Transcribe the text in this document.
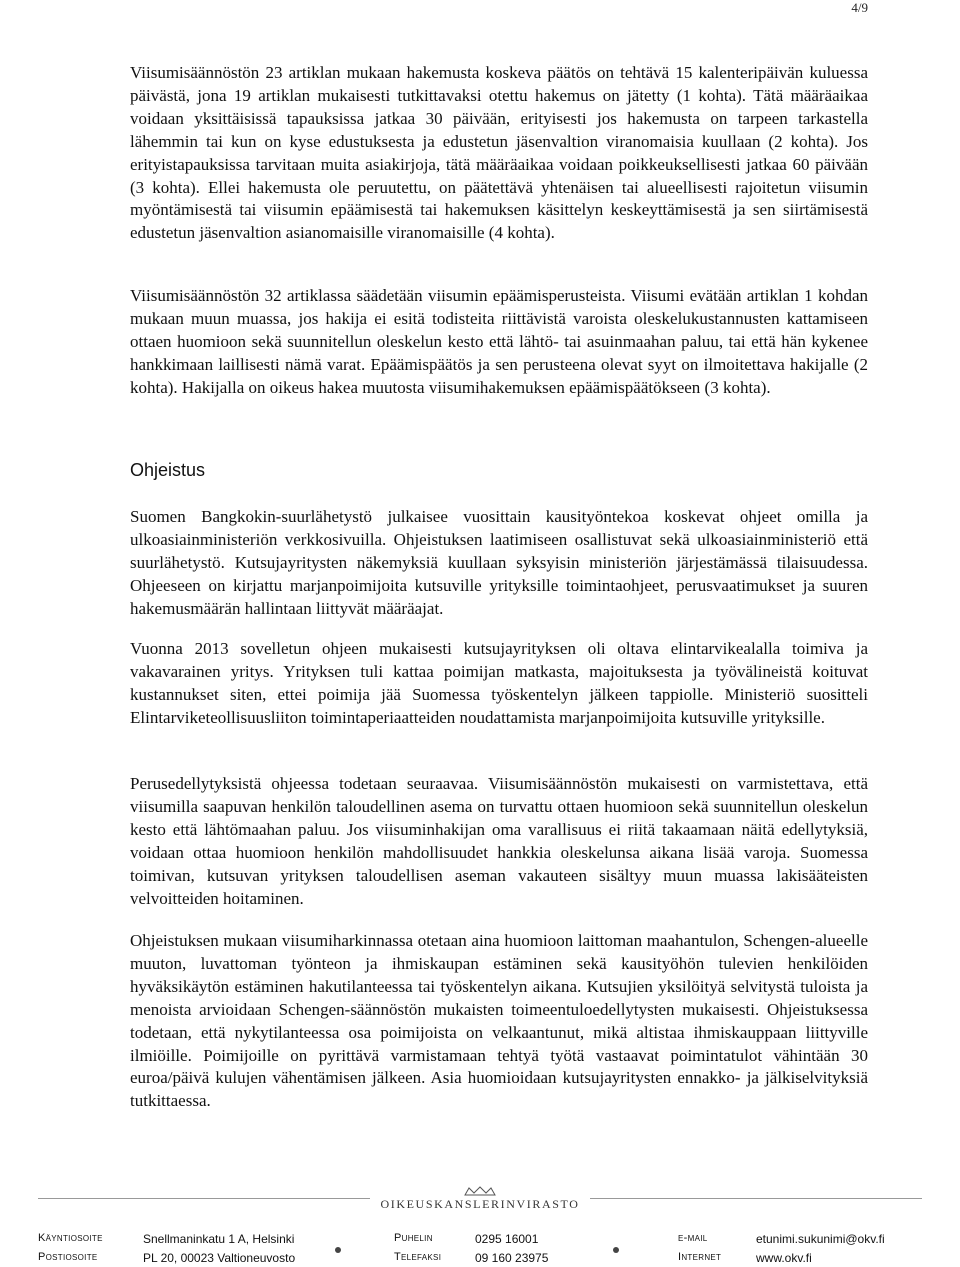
4/9

Viisumisäännöstön 23 artiklan mukaan hakemusta koskeva päätös on tehtävä 15 kalenteripäivän kuluessa päivästä, jona 19 artiklan mukaisesti tutkittavaksi otettu hakemus on jätetty (1 kohta). Tätä määräaikaa voidaan yksittäisissä tapauksissa jatkaa 30 päivään, erityisesti jos hakemusta on tarpeen tarkastella lähemmin tai kun on kyse edustuksesta ja edustetun jäsenvaltion viranomaisia kuullaan (2 kohta). Jos erityistapauksissa tarvitaan muita asiakirjoja, tätä määräaikaa voidaan poikkeuksellisesti jatkaa 60 päivään (3 kohta). Ellei hakemusta ole peruutettu, on päätettävä yhtenäisen tai alueellisesti rajoitetun viisumin myöntämisestä tai viisumin epäämisestä tai hakemuksen käsittelyn keskeyttämisestä ja sen siirtämisestä edustetun jäsenvaltion asianomaisille viranomaisille (4 kohta).

Viisumisäännöstön 32 artiklassa säädetään viisumin epäämisperusteista. Viisumi evätään artiklan 1 kohdan mukaan muun muassa, jos hakija ei esitä todisteita riittävistä varoista oleskelukustannusten kattamiseen ottaen huomioon sekä suunnitellun oleskelun kesto että lähtö- tai asuinmaahan paluu, tai että hän kykenee hankkimaan laillisesti nämä varat. Epäämispäätös ja sen perusteena olevat syyt on ilmoitettava hakijalle (2 kohta). Hakijalla on oikeus hakea muutosta viisumihakemuksen epäämispäätökseen (3 kohta).

Ohjeistus

Suomen Bangkokin-suurlähetystö julkaisee vuosittain kausityöntekoa koskevat ohjeet omilla ja ulkoasiainministeriön verkkosivuilla. Ohjeistuksen laatimiseen osallistuvat sekä ulkoasiainministeriö että suurlähetystö. Kutsujayritysten näkemyksiä kuullaan syksyisin ministeriön järjestämässä tilaisuudessa. Ohjeeseen on kirjattu marjanpoimijoita kutsuville yrityksille toimintaohjeet, perusvaatimukset ja suuren hakemusmäärän hallintaan liittyvät määräajat.

Vuonna 2013 sovelletun ohjeen mukaisesti kutsujayrityksen oli oltava elintarvikealalla toimiva ja vakavarainen yritys. Yrityksen tuli kattaa poimijan matkasta, majoituksesta ja työvälineistä koituvat kustannukset siten, ettei poimija jää Suomessa työskentelyn jälkeen tappiolle. Ministeriö suositteli Elintarviketeollisuusliiton toimintaperiaatteiden noudattamista marjanpoimijoita kutsuville yrityksille.

Perusedellytyksistä ohjeessa todetaan seuraavaa. Viisumisäännöstön mukaisesti on varmistettava, että viisumilla saapuvan henkilön taloudellinen asema on turvattu ottaen huomioon sekä suunnitellun oleskelun kesto että lähtömaahan paluu. Jos viisuminhakijan oma varallisuus ei riitä takaamaan näitä edellytyksiä, voidaan ottaa huomioon henkilön mahdollisuudet hankkia oleskelunsa aikana lisää varoja. Suomessa toimivan, kutsuvan yrityksen taloudellisen aseman vakauteen sisältyy muun muassa lakisääteisten velvoitteiden hoitaminen.

Ohjeistuksen mukaan viisumiharkinnassa otetaan aina huomioon laittoman maahantulon, Schengen-alueelle muuton, luvattoman työnteon ja ihmiskaupan estäminen sekä kausityöhön tulevien henkilöiden hyväksikäytön estäminen hakutilanteessa tai työskentelyn aikana. Kutsujien yksilöityä selvitystä tuloista ja menoista arvioidaan Schengen-säännöstön mukaisten toimeentuloedellytysten mukaisesti. Ohjeistuksessa todetaan, että nykytilanteessa osa poimijoista on velkaantunut, mikä altistaa ihmiskauppaan liittyville ilmiöille. Poimijoille on pyrittävä varmistamaan tehtyä työtä vastaavat poimintatulot vähintään 30 euroa/päivä kulujen vähentämisen jälkeen. Asia huomioidaan kutsujayritysten ennakko- ja jälkiselvityksiä tutkittaessa.

OIKEUSKANSLERINVIRASTO
Käyntiosoite	Snellmaninkatu 1 A, Helsinki	Puhelin	0295 16001	e-mail	etunimi.sukunimi@okv.fi
Postiosoite	PL 20, 00023 Valtioneuvosto	Telefaksi	09 160 23975	Internet	www.okv.fi
